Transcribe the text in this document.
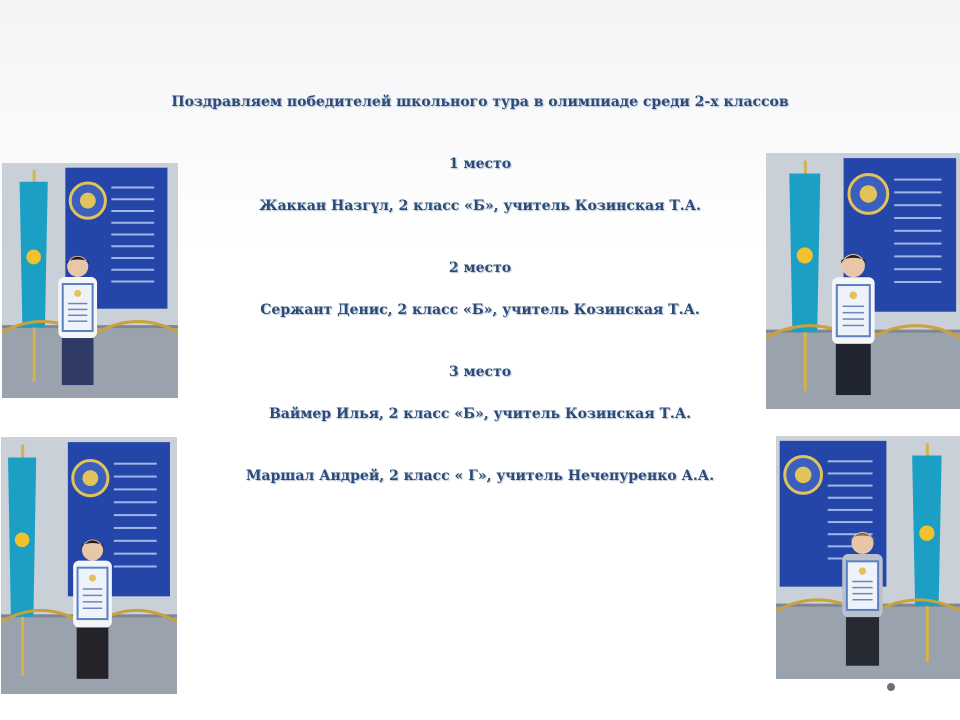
Поздравляем победителей школьного тура в олимпиаде среди 2-х классов
1 место
Жаккан Назгүл, 2 класс «Б», учитель Козинская Т.А.
2 место
Сержант Денис, 2 класс «Б», учитель Козинская Т.А.
3 место
Ваймер Илья, 2 класс «Б», учитель Козинская Т.А.
Маршал Андрей, 2 класс « Г», учитель Нечепуренко А.А.
